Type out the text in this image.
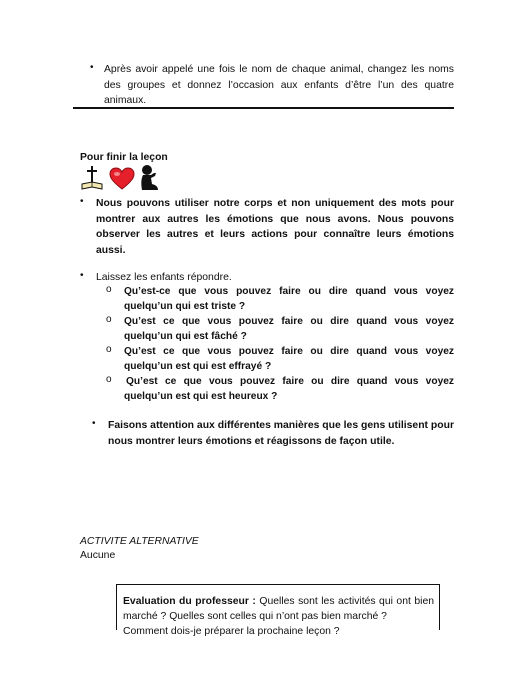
• Après avoir appelé une fois le nom de chaque animal, changez les noms des groupes et donnez l’occasion aux enfants d’être l’un des quatre animaux.
Pour finir la leçon
• Nous pouvons utiliser notre corps et non uniquement des mots pour montrer aux autres les émotions que nous avons. Nous pouvons observer les autres et leurs actions pour connaître leurs émotions aussi.
• Laissez les enfants répondre.
o Qu’est-ce que vous pouvez faire ou dire quand vous voyez
quelqu’un qui est triste ?
o Qu’est ce que vous pouvez faire ou dire quand vous voyez
quelqu’un qui est fâché ?
o Qu’est ce que vous pouvez faire ou dire quand vous voyez
quelqu’un est qui est effrayé ?
o Qu’est ce que vous pouvez faire ou dire quand vous voyez
quelqu’un est qui est heureux ?
• Faisons attention aux différentes manières que les gens utilisent pour nous montrer leurs émotions et réagissons de façon utile.
ACTIVITE ALTERNATIVE
Aucune

Evaluation du professeur : Quelles sont les activités qui ont bien marché ? Quelles sont celles qui n’ont pas bien marché ?

Comment dois-je préparer la prochaine leçon ?
